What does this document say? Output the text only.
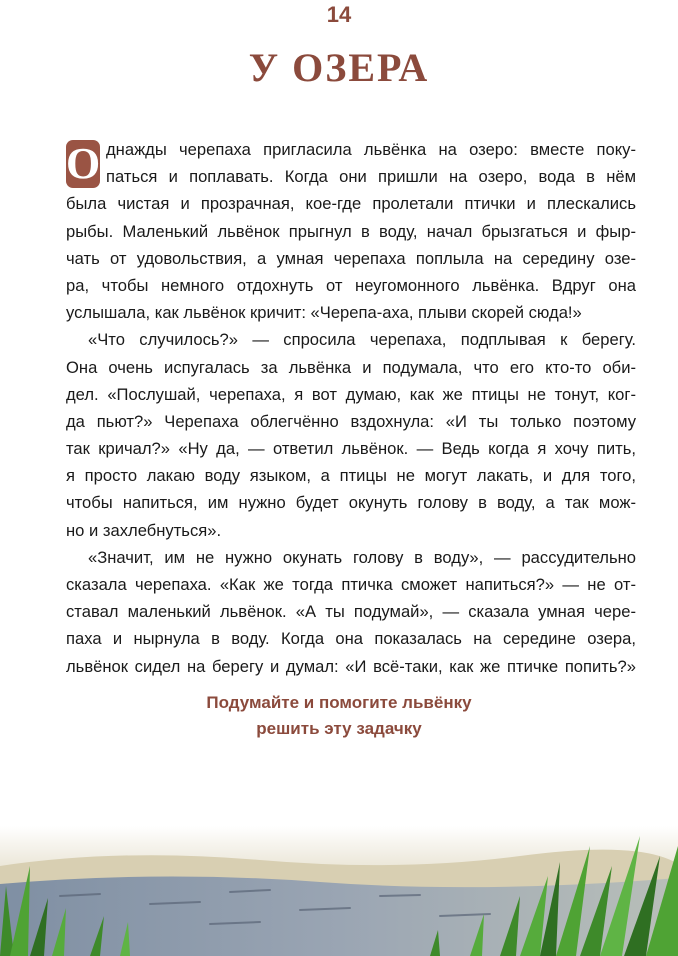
14
У ОЗЕРА
О днажды черепаха пригласила львёнка на озеро: вместе поку-
паться и поплавать. Когда они пришли на озеро, вода в нём
была чистая и прозрачная, кое-где пролетали птички и плескались
рыбы. Маленький львёнок прыгнул в воду, начал брызгаться и фыр-
чать от удовольствия, а умная черепаха поплыла на середину озе-
ра, чтобы немного отдохнуть от неугомонного львёнка. Вдруг она
услышала, как львёнок кричит: «Черепа-аха, плыви скорей сюда!»
«Что случилось?» — спросила черепаха, подплывая к берегу.
Она очень испугалась за львёнка и подумала, что его кто-то оби-
дел. «Послушай, черепаха, я вот думаю, как же птицы не тонут, ког-
да пьют?» Черепаха облегчённо вздохнула: «И ты только поэтому
так кричал?» «Ну да, — ответил львёнок. — Ведь когда я хочу пить,
я просто лакаю воду языком, а птицы не могут лакать, и для того,
чтобы напиться, им нужно будет окунуть голову в воду, а так мож-
но и захлебнуться».
«Значит, им не нужно окунать голову в воду», — рассудительно
сказала черепаха. «Как же тогда птичка сможет напиться?» — не от-
ставал маленький львёнок. «А ты подумай», — сказала умная чере-
паха и нырнула в воду. Когда она показалась на середине озера,
львёнок сидел на берегу и думал: «И всё-таки, как же птичке попить?»
Подумайте и помогите львёнку
решить эту задачку
